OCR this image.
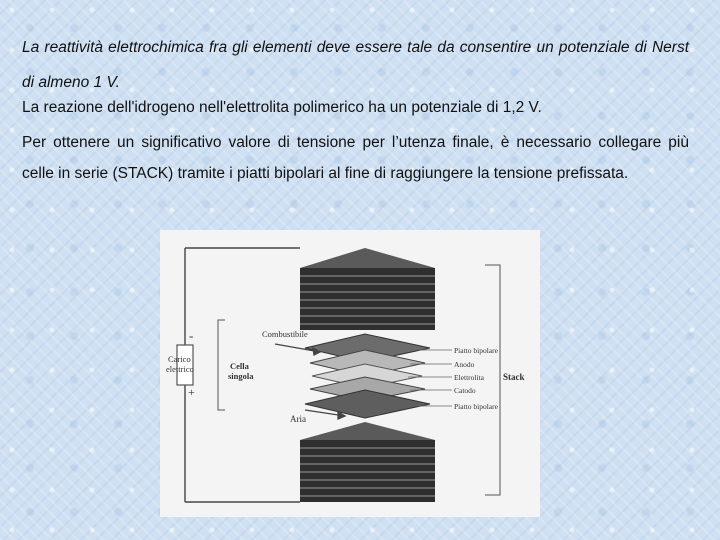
La reattività elettrochimica fra gli elementi deve essere tale da consentire un potenziale di Nerst di almeno 1 V.
La reazione dell'idrogeno nell'elettrolita polimerico ha un potenziale di 1,2 V.
Per ottenere un significativo valore di tensione per l’utenza finale, è necessario collegare più celle in serie (STACK) tramite i piatti bipolari al fine di raggiungere la tensione prefissata.
-
+
Carico
elettrico	Cella
singola
Combustibile
Aria
Piatto bipolare
Anodo
Elettrolita
Catodo
Piatto bipolare
Stack
